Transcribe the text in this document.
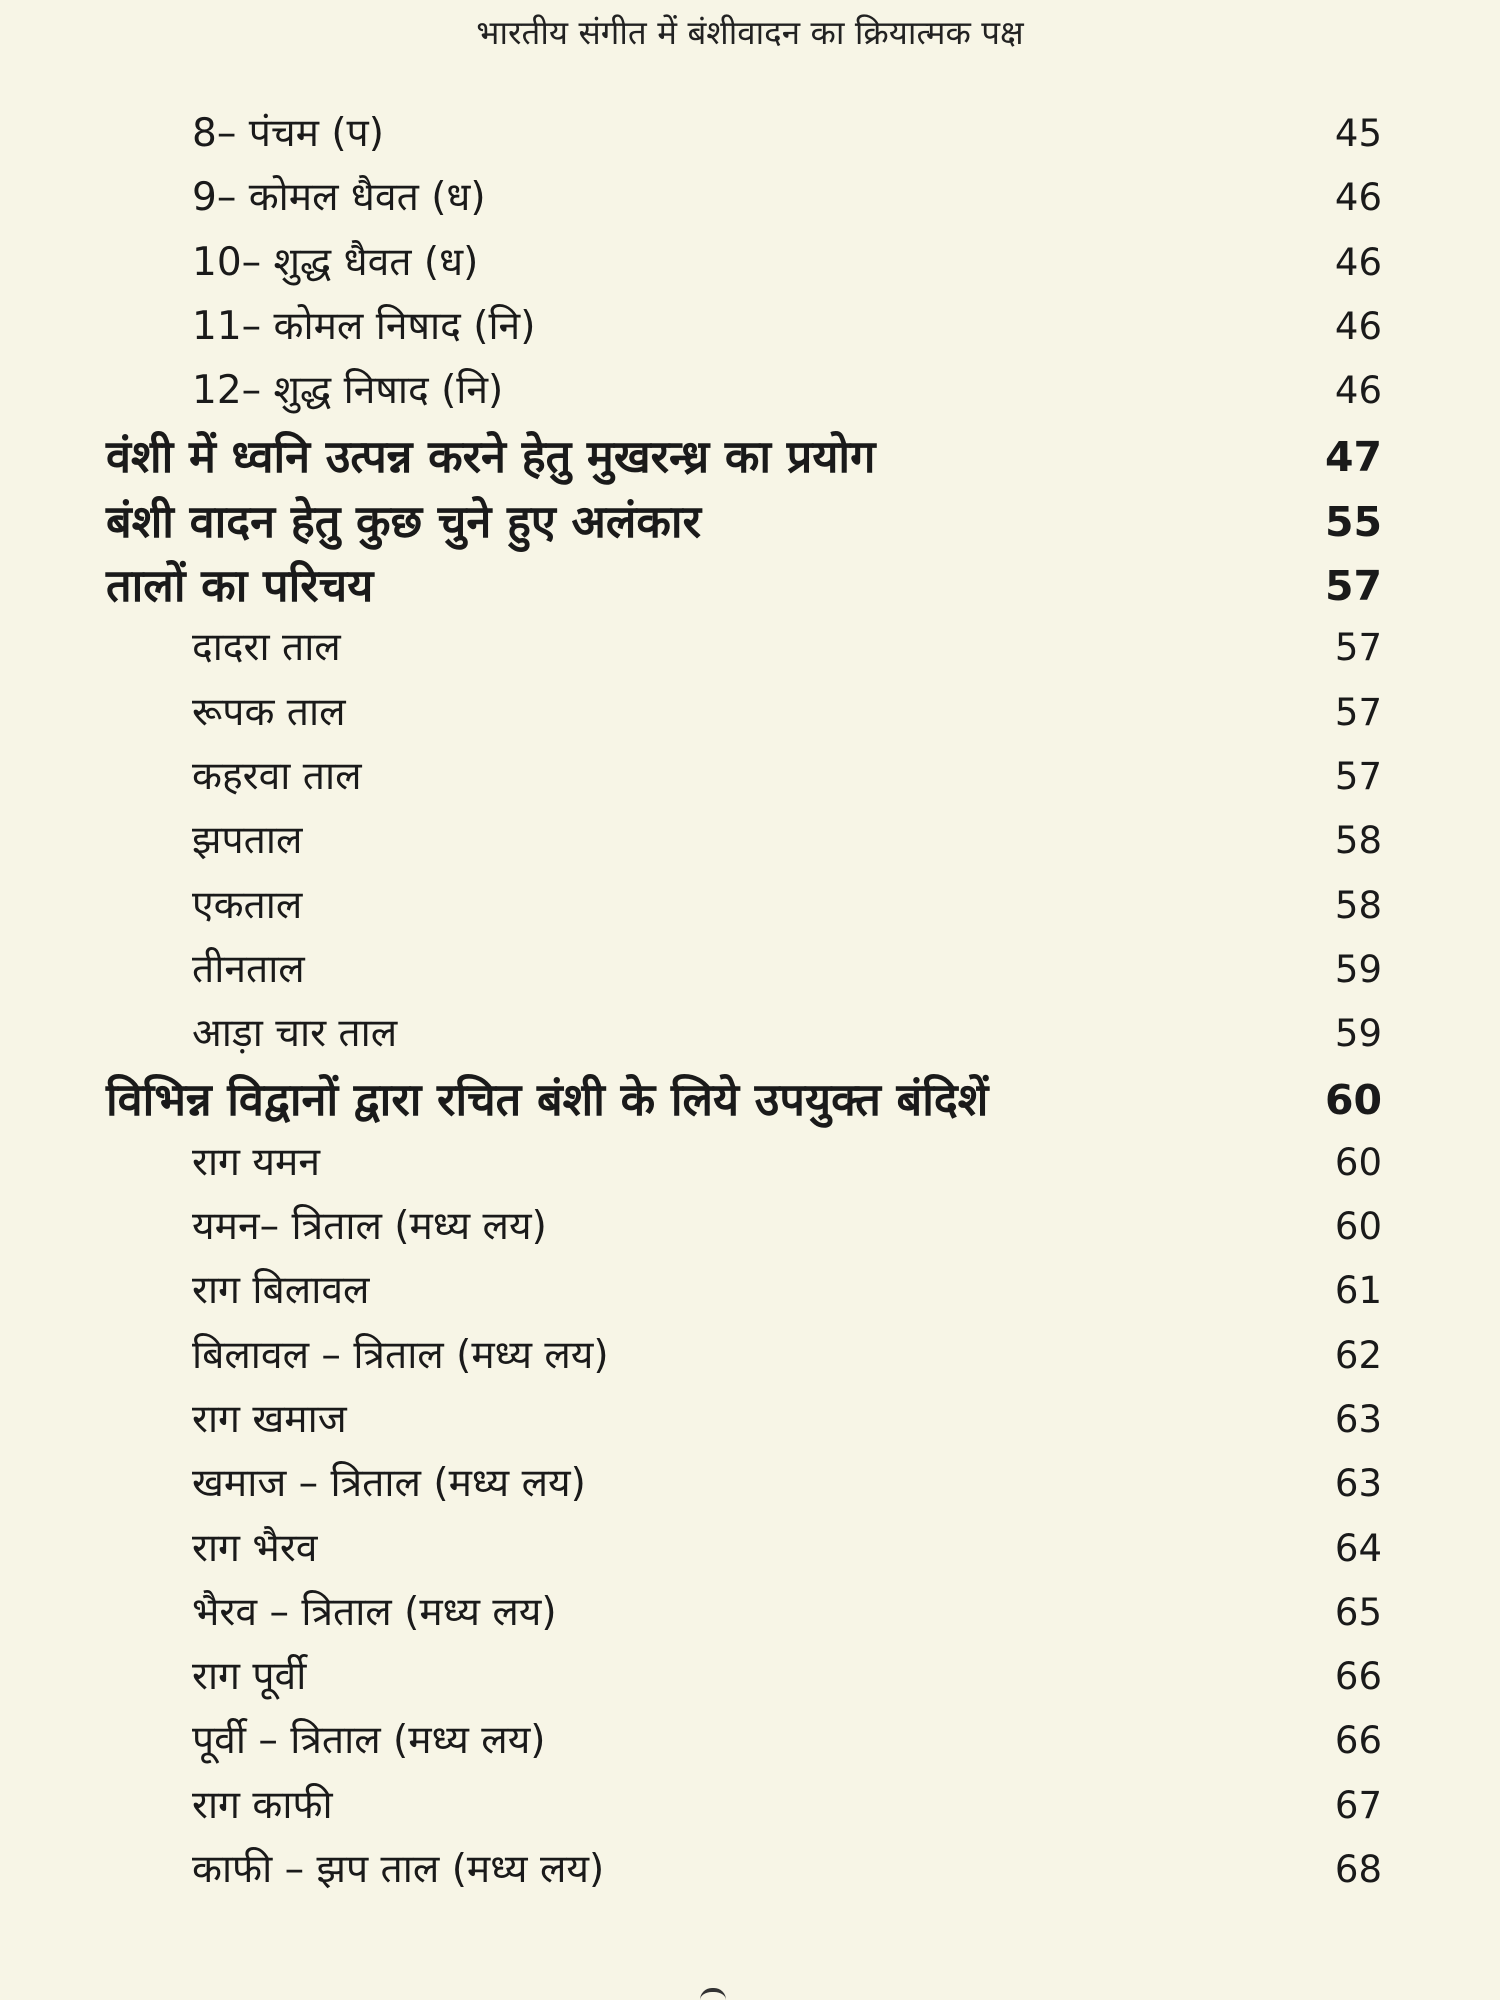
भारतीय संगीत में बंशीवादन का क्रियात्मक पक्ष
8– पंचम (प)	45
9– कोमल धैवत (ध)	46
10– शुद्ध धैवत (ध)	46
11– कोमल निषाद (नि)	46
12– शुद्ध निषाद (नि)	46
वंशी में ध्वनि उत्पन्न करने हेतु मुखरन्ध्र का प्रयोग	47
बंशी वादन हेतु कुछ चुने हुए अलंकार	55
तालों का परिचय	57
दादरा ताल	57
रूपक ताल	57
कहरवा ताल	57
झपताल	58
एकताल	58
तीनताल	59
आड़ा चार ताल	59
विभिन्न विद्वानों द्वारा रचित बंशी के लिये उपयुक्त बंदिशें	60
राग यमन	60
यमन– त्रिताल (मध्य लय)	60
राग बिलावल	61
बिलावल – त्रिताल (मध्य लय)	62
राग खमाज	63
खमाज – त्रिताल (मध्य लय)	63
राग भैरव	64
भैरव – त्रिताल (मध्य लय)	65
राग पूर्वी	66
पूर्वी – त्रिताल (मध्य लय)	66
राग काफी	67
काफी – झप ताल (मध्य लय)	68
